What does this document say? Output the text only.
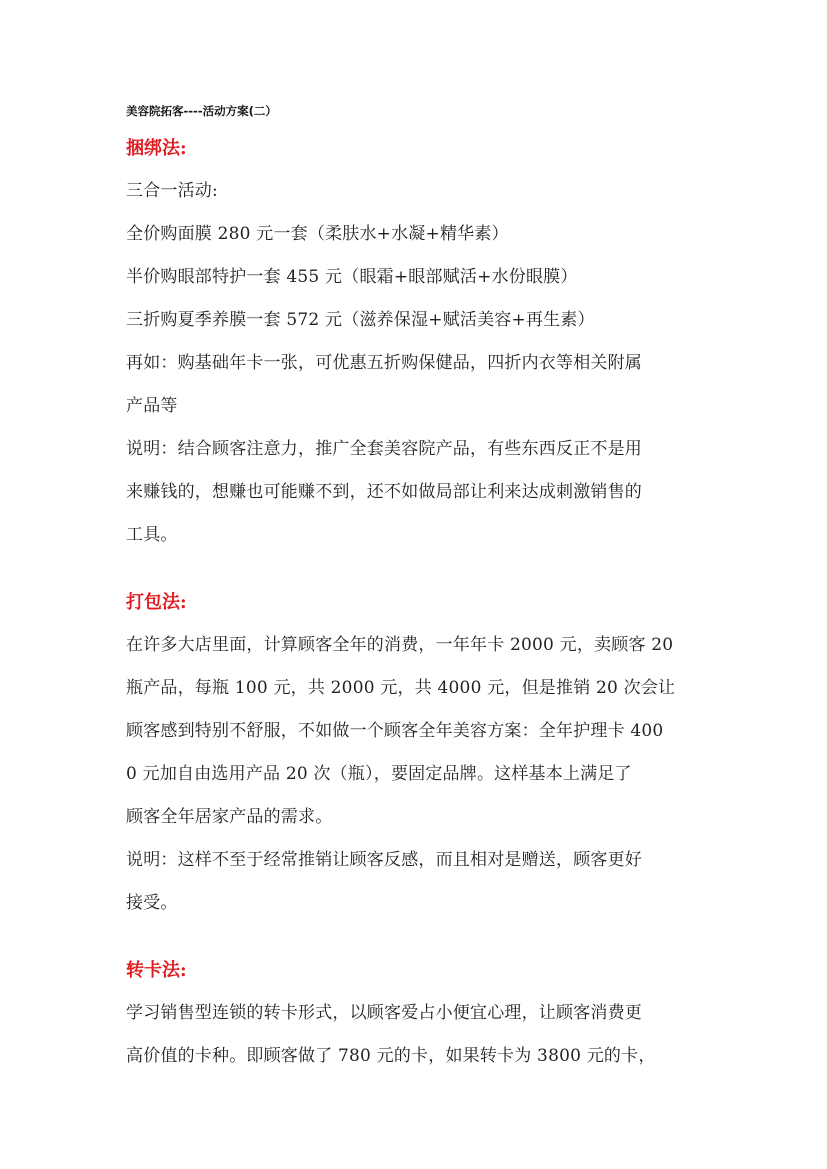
美容院拓客----活动方案(二）
捆绑法:
三合一活动:
全价购面膜 280 元一套（柔肤水+水凝+精华素）
半价购眼部特护一套 455 元（眼霜+眼部赋活+水份眼膜）
三折购夏季养膜一套 572 元（滋养保湿+赋活美容+再生素）
再如：购基础年卡一张，可优惠五折购保健品，四折内衣等相关附属
产品等
说明：结合顾客注意力，推广全套美容院产品，有些东西反正不是用
来赚钱的，想赚也可能赚不到，还不如做局部让利来达成刺激销售的
工具。
打包法:
在许多大店里面，计算顾客全年的消费，一年年卡 2000 元，卖顾客 20
瓶产品，每瓶 100 元，共 2000 元，共 4000 元，但是推销 20 次会让
顾客感到特别不舒服，不如做一个顾客全年美容方案：全年护理卡 400
0 元加自由选用产品 20 次（瓶），要固定品牌。这样基本上满足了
顾客全年居家产品的需求。
说明：这样不至于经常推销让顾客反感，而且相对是赠送，顾客更好
接受。
转卡法:
学习销售型连锁的转卡形式，以顾客爱占小便宜心理，让顾客消费更
高价值的卡种。即顾客做了 780 元的卡，如果转卡为 3800 元的卡，
